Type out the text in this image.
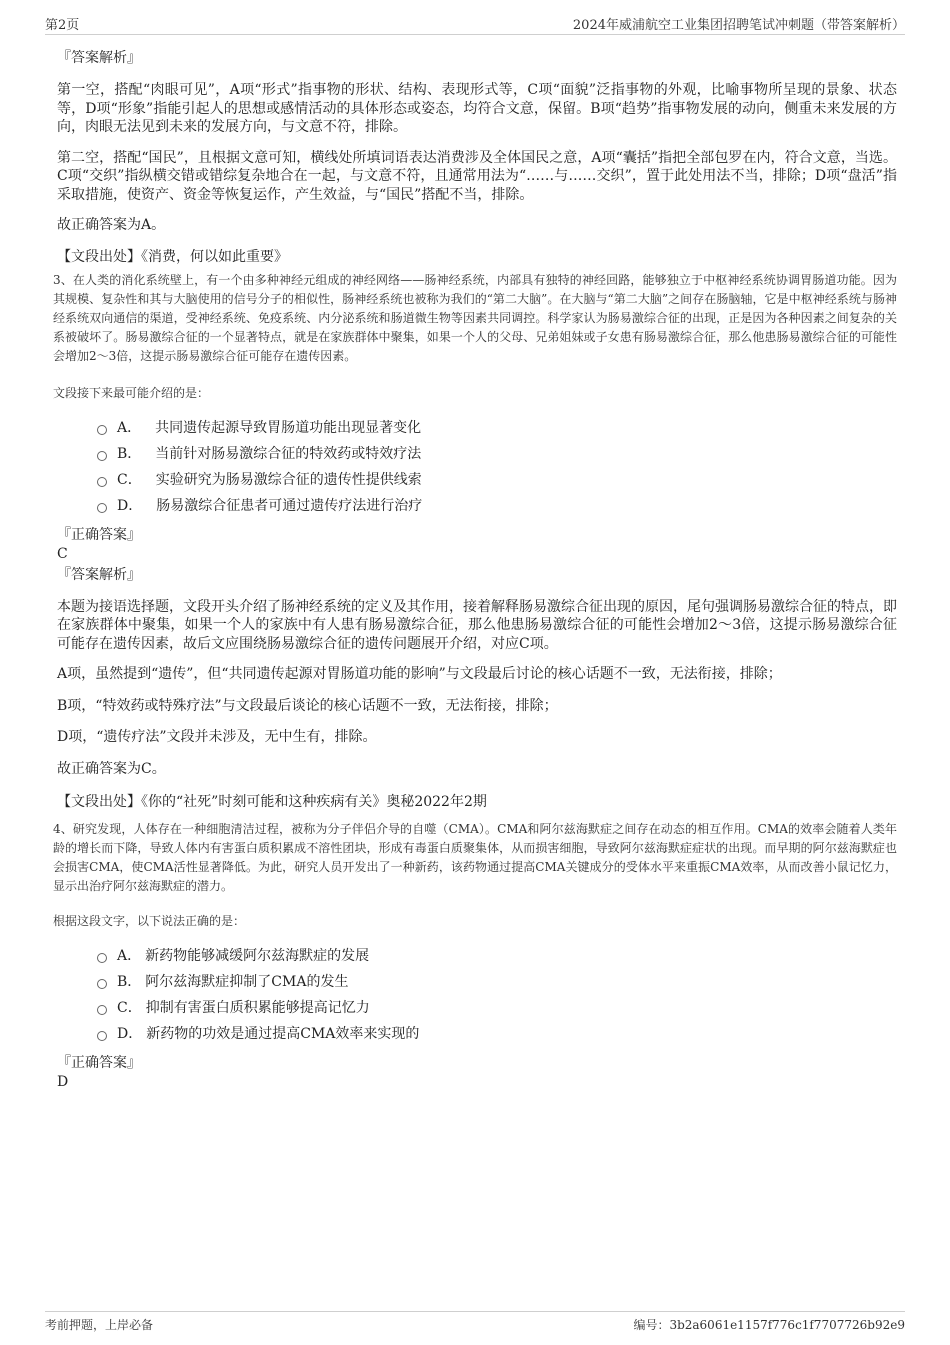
第2页	2024年威浦航空工业集团招聘笔试冲刺题（带答案解析）

『答案解析』

第一空，搭配“肉眼可见”，A项“形式”指事物的形状、结构、表现形式等，C项“面貌”泛指事物的外观，比喻事物所呈现的景象、状态等，D项“形象”指能引起人的思想或感情活动的具体形态或姿态，均符合文意，保留。B项“趋势”指事物发展的动向，侧重未来发展的方向，肉眼无法见到未来的发展方向，与文意不符，排除。

第二空，搭配“国民”，且根据文意可知，横线处所填词语表达消费涉及全体国民之意，A项“囊括”指把全部包罗在内，符合文意，当选。C项“交织”指纵横交错或错综复杂地合在一起，与文意不符，且通常用法为“……与……交织”，置于此处用法不当，排除；D项“盘活”指采取措施，使资产、资金等恢复运作，产生效益，与“国民”搭配不当，排除。

故正确答案为A。

【文段出处】《消费，何以如此重要》

3、在人类的消化系统壁上，有一个由多种神经元组成的神经网络——肠神经系统，内部具有独特的神经回路，能够独立于中枢神经系统协调胃肠道功能。因为其规模、复杂性和其与大脑使用的信号分子的相似性，肠神经系统也被称为我们的“第二大脑”。在大脑与“第二大脑”之间存在肠脑轴，它是中枢神经系统与肠神经系统双向通信的渠道，受神经系统、免疫系统、内分泌系统和肠道微生物等因素共同调控。科学家认为肠易激综合征的出现，正是因为各种因素之间复杂的关系被破坏了。肠易激综合征的一个显著特点，就是在家族群体中聚集，如果一个人的父母、兄弟姐妹或子女患有肠易激综合征，那么他患肠易激综合征的可能性会增加2～3倍，这提示肠易激综合征可能存在遗传因素。

文段接下来最可能介绍的是：

A． 共同遗传起源导致胃肠道功能出现显著变化
B． 当前针对肠易激综合征的特效药或特效疗法
C． 实验研究为肠易激综合征的遗传性提供线索
D． 肠易激综合征患者可通过遗传疗法进行治疗

『正确答案』

C

『答案解析』

本题为接语选择题，文段开头介绍了肠神经系统的定义及其作用，接着解释肠易激综合征出现的原因，尾句强调肠易激综合征的特点，即在家族群体中聚集，如果一个人的家族中有人患有肠易激综合征，那么他患肠易激综合征的可能性会增加2～3倍，这提示肠易激综合征可能存在遗传因素，故后文应围绕肠易激综合征的遗传问题展开介绍，对应C项。

A项，虽然提到“遗传”，但“共同遗传起源对胃肠道功能的影响”与文段最后讨论的核心话题不一致，无法衔接，排除；

B项，“特效药或特殊疗法”与文段最后谈论的核心话题不一致，无法衔接，排除；

D项，“遗传疗法”文段并未涉及，无中生有，排除。

故正确答案为C。

【文段出处】《你的“社死”时刻可能和这种疾病有关》奥秘2022年2期

4、研究发现，人体存在一种细胞清洁过程，被称为分子伴侣介导的自噬（CMA）。CMA和阿尔兹海默症之间存在动态的相互作用。CMA的效率会随着人类年龄的增长而下降，导致人体内有害蛋白质积累成不溶性团块，形成有毒蛋白质聚集体，从而损害细胞，导致阿尔兹海默症症状的出现。而早期的阿尔兹海默症也会损害CMA，使CMA活性显著降低。为此，研究人员开发出了一种新药，该药物通过提高CMA关键成分的受体水平来重振CMA效率，从而改善小鼠记忆力，显示出治疗阿尔兹海默症的潜力。

根据这段文字，以下说法正确的是：

A． 新药物能够减缓阿尔兹海默症的发展
B． 阿尔兹海默症抑制了CMA的发生
C． 抑制有害蛋白质积累能够提高记忆力
D． 新药物的功效是通过提高CMA效率来实现的

『正确答案』

D

考前押题，上岸必备	编号：3b2a6061e1157f776c1f7707726b92e9
